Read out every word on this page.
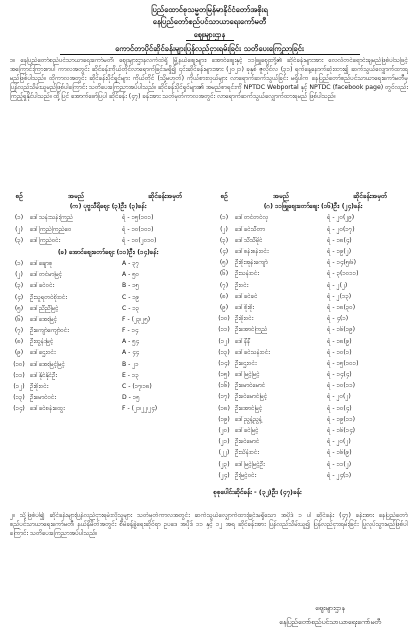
ပြည်ထောင်စုသမ္မတမြန်မာနိုင်ငံတော်အစိုးရ
နေပြည်တော်စည်ပင်သာယာရေးကော်မတီ
ဈေးများဌာန
ကောင်တာပိုင်ဆိုင်ခန်းများပြန်လည်ငှားရမ်းခြင်း သတိပေးကြေညာခြင်း
၁။ နေပြည်တော်စည်ပင်သာယာရေးကော်မတီ၊ ဈေးများဌာနလက်ထဲရှိ မြို့နယ်ဈေးများ၊ အောင်ဈေးနှင့် ၁၁ဖြူဈေးတို့၏ ဆိုင်ခန်းများအား လေလံတင်ရောင်းချမည်ဖြစ်ပါသဖြင့် အကြောင်းကြားစာပါ ကာလအတွင်း ဆိုင်ခန်းကိုယ်တိုင်လာရောက်ခြင်းမရှိ၍ ၎င်းဆိုင်ခန်းများအား (၂၀၂၁) ခုနှစ် ဇူလိုင်လ (၃၁) ရက်နေ့နောက်ဆုံးထား၍ ဆက်သွယ်လျှောက်ထားရမည်ဖြစ်ပါသည်။ ထိုကာလအတွင်း ဆိုင်ခန်းပိုင်ရှင်များ ကိုယ်တိုင် (သို့မဟုတ်) ကိုယ်စားလှယ်များ လာရောက်ဆက်သွယ်ခြင်း မရှိပါက နေပြည်တော်စည်ပင်သာယာရေးကော်မတီမှ ပြန်လည်သိမ်းယူမည်ဖြစ်ပါကြောင်း သတိပေးကြေညာအပ်ပါသည်။ ဆိုင်ခန်းပိုင်ရှင်များ၏ အမည်စာရင်းကို NPTDC Webportal နှင့် NPTDC (facebook page) တွင်လည်း ကြည့်ရှုနိုင်ပါသည်။ ထို့ပြင် အောက်ဖော်ပြပါ ဆိုင်ခန်း (၄၇) ခန်းအား သတ်မှတ်ကာလအတွင်း လာရောက်ဆက်သွယ်လျှောက်ထားရမည် ဖြစ်ပါသည်။
စဉ်	အမည်	ဆိုင်ခန်းအမှတ်
(က) ပုဗ္ဗသီရိဈေး (၃)ဦး၊ (၃)ခန်း
(၁)	ဒေါ်သန်းသန်းကြည်	ရံ - ၁၅(၁၀၁)
(၂)	ဒေါ်ကြည်ကြည်ဝေ	ရံ - ၁၀(၁၀၁)
(၃)	ဒေါ်ကြည်ဝင်း	ရံ - ၁၀(၂၀၁၀)
(ခ) အောင်ဈေးတော်ဈေး (၁၁)ဦး၊ (၁၄)ခန်း
(၁)	ဒေါ်ချောစု	A - ၃၇
(၂)	ဒေါ်တင်မာမြင့်	A - ၅၀
(၃)	ဒေါ်ခင်ဝင်း	B - ၁၅
(၄)	ဦးသူရတင်စိုးဝင်း	C - ၁၉
(၅)	ဒေါ်ညီညီမြင့်	C - ၁၃
(၆)	ဒေါ်အေးမြင့်	F - (၂၃၊၂၅)
(၇)	ဦးကျော်ကျော်ဝင်း	F - ၁၄
(၈)	ဦးထွန်းမြင့်	A - ၅၄
(၉)	ဒေါ်ဌေးဝင်း	A - ၄၄
(၁၀) ဒေါ်အေးမြင့်မြင့်	B - ၂၁
(၁၁) ဒေါ်နိုင်နိုင်ဦး	E - ၁၃
(၁၂) ဦးစိုးဝင်း	C - (၁၇၊၁၈)
(၁၃) ဦးမောင်ဝင်း	D - ၁၅
(၁၄) ဒေါ်ခင်စန်းထွေး	F - (၂၁၊၂၂၊၂၄)
စဉ်	အမည်	ဆိုင်ခန်းအမှတ်
(ဂ) ၁၁ဖြူဈေးတော်ဈေး (၁၆)ဦး၊ (၂၄)ခန်း
(၁)	ဒေါ်တင်တင်လှ	ရံ - ၂၀(၂၉)
(၂)	ဒေါ်ခင်သီတာ	ရံ - ၂၀(၁၇)
(၃)	ဒေါ်သီသီမိုင်	ရံ - ၁၈(၄)
(၄)	ဒေါ်စန်းစန်းဝင်း	ရံ - ၁၉(၂)
(၅)	ဦးစိုးအုန်းကျော်	ရံ - ၁၄(၅၊၆)
(၆)	ဦးသန်းဝင်း	ရံ - ၃(၁၀၁၁)
(၇)	ဦးဝင်း	ရံ - ၂(၂)
(၈)	ဒေါ်ခင်ခင်	ရံ - ၂(၁၃)
(၉)	ဒေါ်စိုးစိုး	ရံ - ၁၈(၃၀)
(၁၀) ဦးဖိုးဝင်း	ရံ - ၄(၁)
(၁၁) ဦးအောင်ကြည်	ရံ - ၁၆(၁၉)
(၁၂) ဒေါ်နီနီ	ရံ - ၁၈(၉)
(၁၃) ဒေါ်ခင်သန်းဝင်း	ရံ - ၁၀(၁)
(၁၄) ဦးဌေးဝင်း	ရံ - ၁၅(၁၀၁)
(၁၅) ဒေါ်မြင့်မြင့်	ရံ - ၁၄(၄)
(၁၆) ဦးမောင်မောင်	ရံ - ၁၀(၁၁)
(၁၇) ဦးခင်မောင်မြင့်	ရံ - ၂၀(၂)
(၁၈) ဦးအောင်မြင့်	ရံ - ၁၀(၄)
(၁၉) ဒေါ်ညွန့်ညွန့်	ရံ - ၁၉(၁၁)
(၂၀) ဒေါ်ခင်မြင့်	ရံ - ၁၆(၁၄)
(၂၁) ဦးခင်မောင်	ရံ - ၂၀(၂)
(၂၂) ဦးသိန်းဝင်း	ရံ - ၁၆(၉)
(၂၃) ဒေါ်မြင့်မြင့်ဦး	ရံ - ၁၁(၂)
(၂၄) ဦးမြင့်ဝင်း	ရံ - ၂၄(၁)
စုစုပေါင်းဆိုင်ခန်း - (၃၂)ဦး၊ (၄၇)ခန်း
၂။ သို့ဖြစ်ပါ၍ ဆိုင်ခန်းများပြန်လည်ငှားရမ်းလိုသူများ သတ်မှတ်ကာလအတွင်း ဆက်သွယ်လျှောက်ထားခြင်းမရှိသော အပိုဒ် ၁ ပါ ဆိုင်ခန်း (၄၇) ခန်းအား နေပြည်တော်စည်ပင်သာယာရေးကော်မတီ၊ နယ်နိမိတ်အတွင်း စီမံခန့်ခွဲရေးဆိုင်ရာ ဥပဒေ အပိုဒ် ၁၁ နှင့် ၁၂ အရ ဆိုင်ခန်းအား ပြန်လည်သိမ်းယူ၍ ပြန်လည်ငှားရမ်းခြင်း ပြုလုပ်သွားမည်ဖြစ်ပါကြောင်း သတိပေးကြေညာအပ်ပါသည်။
ဈေးများဌာန
နေပြည်တော်စည်ပင်သာယာရေးကော်မတီ
